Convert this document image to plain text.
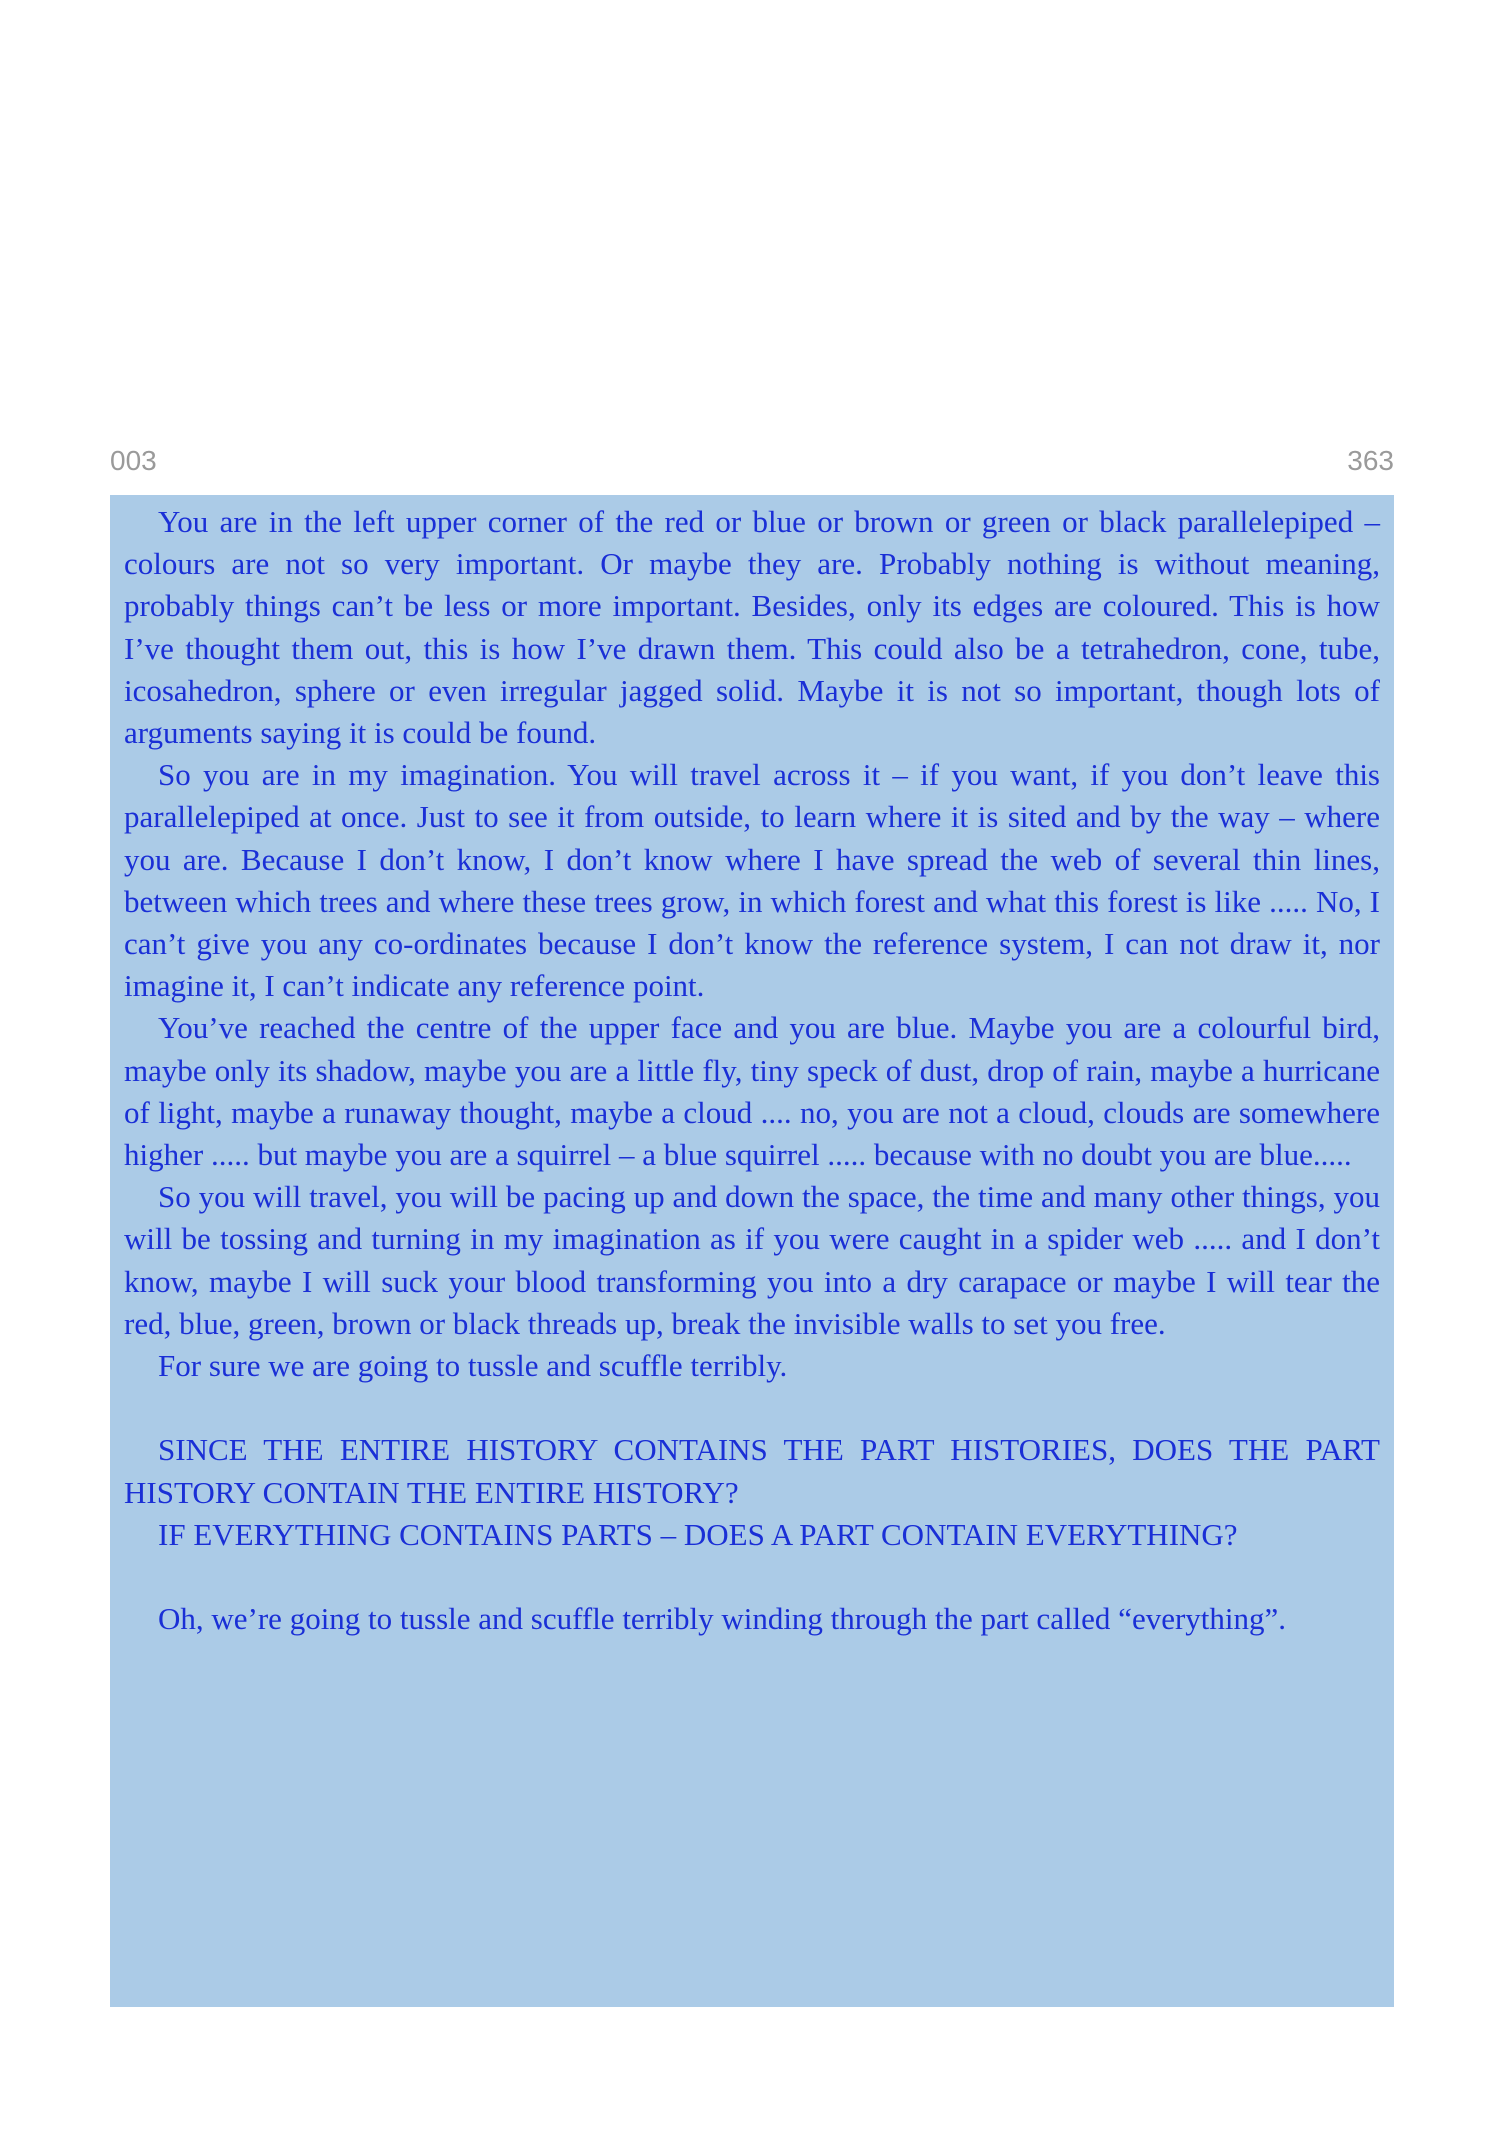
003	363

You are in the left upper corner of the red or blue or brown or green or black parallelepiped – colours are not so very important. Or maybe they are. Probably nothing is without meaning, probably things can’t be less or more important. Besides, only its edges are coloured. This is how I’ve thought them out, this is how I’ve drawn them. This could also be a tetrahedron, cone, tube, icosahedron, sphere or even irregular jagged solid. Maybe it is not so important, though lots of arguments saying it is could be found.

So you are in my imagination. You will travel across it – if you want, if you don’t leave this parallelepiped at once. Just to see it from outside, to learn where it is sited and by the way – where you are. Because I don’t know, I don’t know where I have spread the web of several thin lines, between which trees and where these trees grow, in which forest and what this forest is like ..... No, I can’t give you any co-ordinates because I don’t know the reference system, I can not draw it, nor imagine it, I can’t indicate any reference point.

You’ve reached the centre of the upper face and you are blue. Maybe you are a colourful bird, maybe only its shadow, maybe you are a little fly, tiny speck of dust, drop of rain, maybe a hurricane of light, maybe a runaway thought, maybe a cloud .... no, you are not a cloud, clouds are somewhere higher ..... but maybe you are a squirrel – a blue squirrel ..... because with no doubt you are blue.....

So you will travel, you will be pacing up and down the space, the time and many other things, you will be tossing and turning in my imagination as if you were caught in a spider web ..... and I don’t know, maybe I will suck your blood transforming you into a dry carapace or maybe I will tear the red, blue, green, brown or black threads up, break the invisible walls to set you free.

For sure we are going to tussle and scuffle terribly.

SINCE THE ENTIRE HISTORY CONTAINS THE PART HISTORIES, DOES THE PART HISTORY CONTAIN THE ENTIRE HISTORY?

IF EVERYTHING CONTAINS PARTS – DOES A PART CONTAIN EVERYTHING?

Oh, we’re going to tussle and scuffle terribly winding through the part called “everything”.
